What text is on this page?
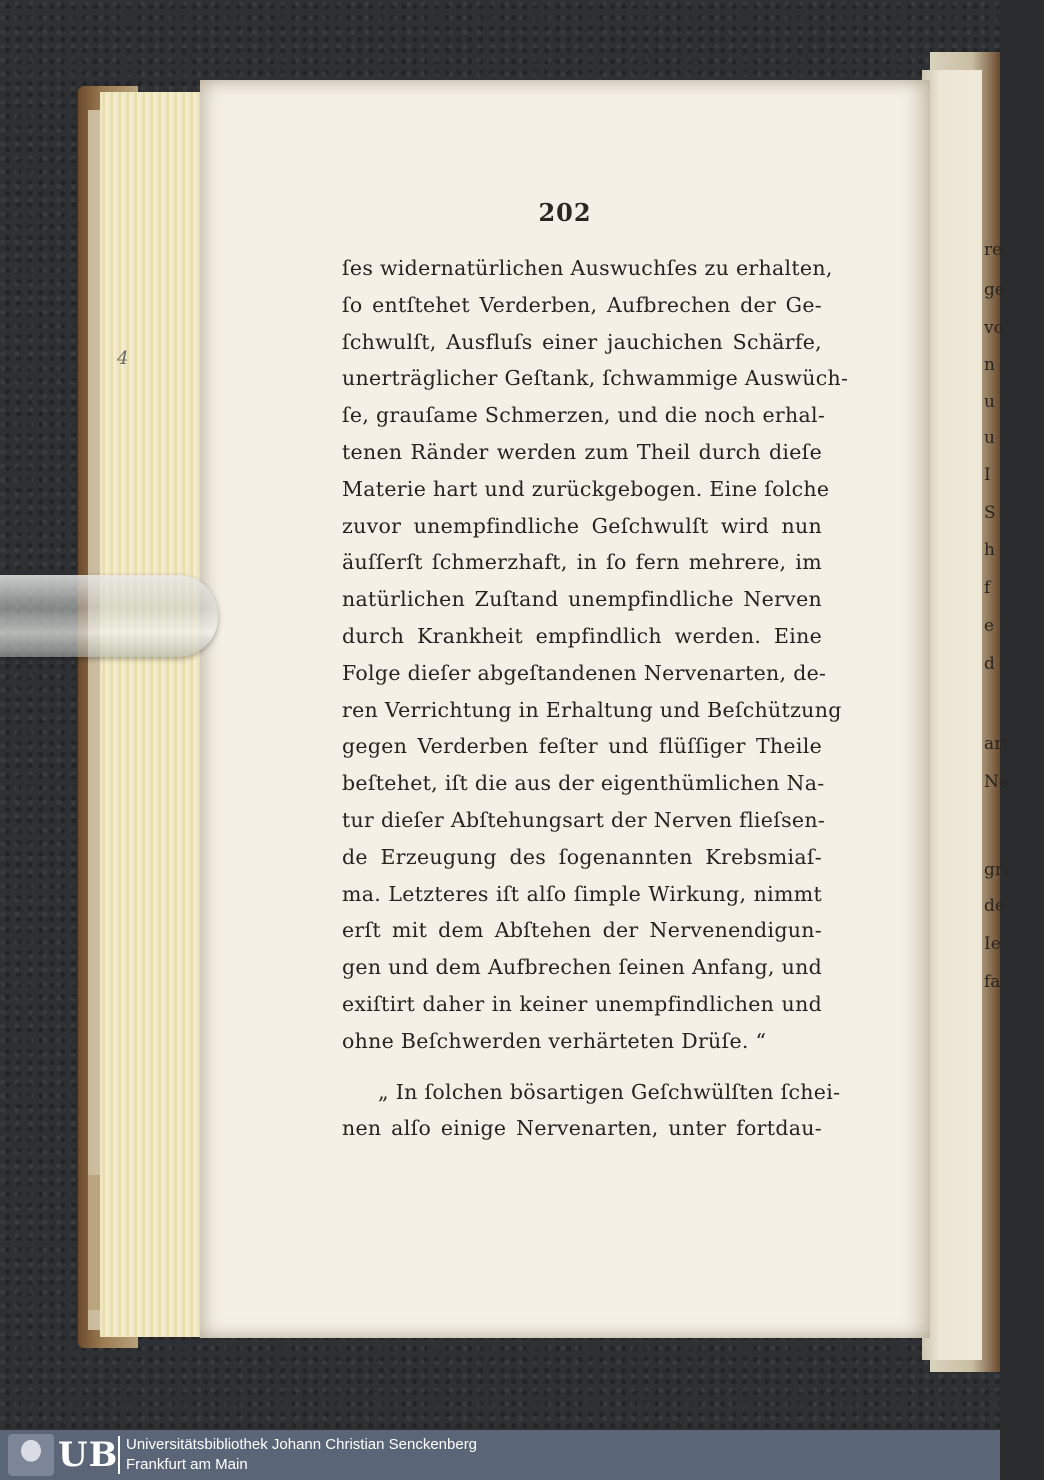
re
ge
vo
n
u
u
I
S
h
f
e
d
art
Ne
gri
de
Ie
fa
202
ſes widernatürlichen Auswuchſes zu erhalten,
ſo entſtehet Verderben, Aufbrechen der Ge-
ſchwulſt, Ausfluſs einer jauchichen Schärfe,
unerträglicher Geſtank, ſchwammige Auswüch-
ſe, grauſame Schmerzen, und die noch erhal-
tenen Ränder werden zum Theil durch dieſe
Materie hart und zurückgebogen. Eine ſolche
zuvor unempfindliche Geſchwulſt wird nun
äuſſerſt ſchmerzhaft, in ſo fern mehrere, im
natürlichen Zuſtand unempfindliche Nerven
durch Krankheit empfindlich werden. Eine
Folge dieſer abgeſtandenen Nervenarten, de-
ren Verrichtung in Erhaltung und Beſchützung
gegen Verderben feſter und flüſſiger Theile
beſtehet, iſt die aus der eigenthümlichen Na-
tur dieſer Abſtehungsart der Nerven flieſsen-
de Erzeugung des ſogenannten Krebsmiaſ-
ma. Letzteres iſt alſo ſimple Wirkung, nimmt
erſt mit dem Abſtehen der Nervenendigun-
gen und dem Aufbrechen ſeinen Anfang, und
exiſtirt daher in keiner unempfindlichen und
ohne Beſchwerden verhärteten Drüſe. “
„ In ſolchen bösartigen Geſchwülſten ſchei-
nen alſo einige Nervenarten, unter fortdau-
4
UB Universitätsbibliothek Johann Christian Senckenberg
Frankfurt am Main
